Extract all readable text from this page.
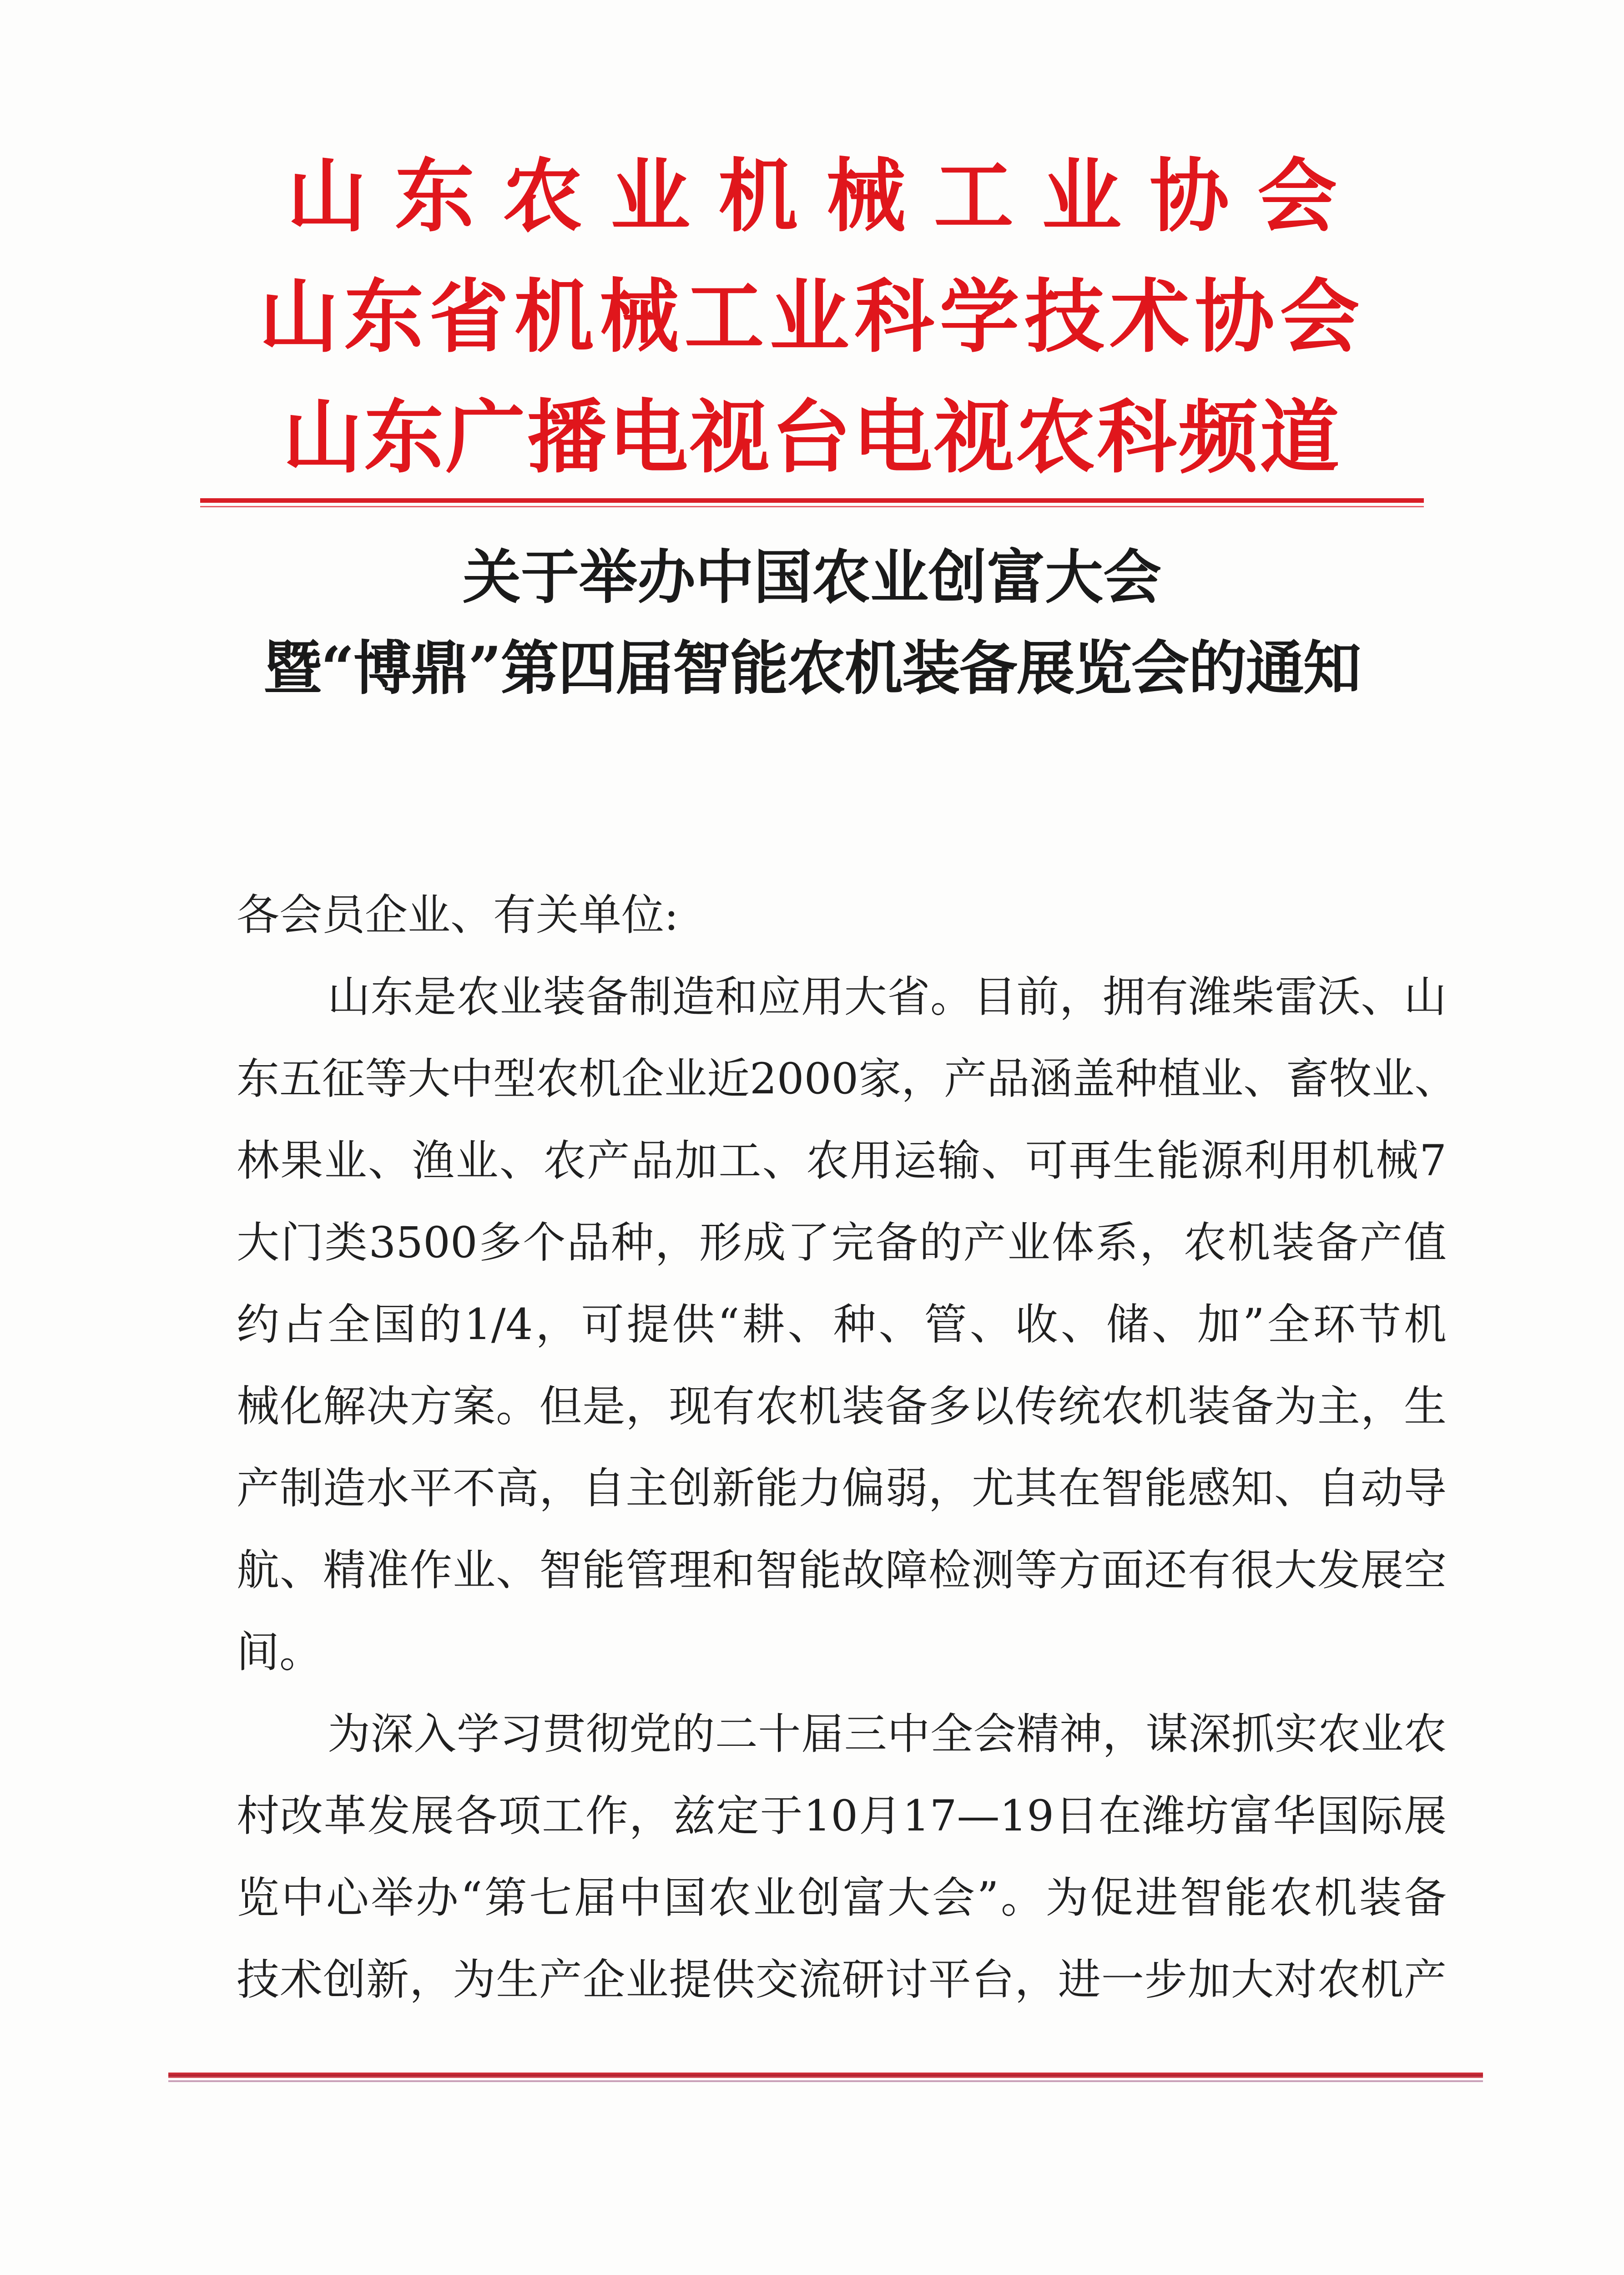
山东农业机械工业协会
山东省机械工业科学技术协会
山东广播电视台电视农科频道
关于举办中国农业创富大会
暨“博鼎”第四届智能农机装备展览会的通知
各会员企业、有关单位:
山东是农业装备制造和应用大省。目前，拥有潍柴雷沃、山
东五征等大中型农机企业近2000家，产品涵盖种植业、畜牧业、
林果业、渔业、农产品加工、农用运输、可再生能源利用机械7
大门类3500多个品种，形成了完备的产业体系，农机装备产值
约占全国的1/4，可提供“耕、种、管、收、储、加”全环节机
械化解决方案。但是，现有农机装备多以传统农机装备为主，生
产制造水平不高，自主创新能力偏弱，尤其在智能感知、自动导
航、精准作业、智能管理和智能故障检测等方面还有很大发展空
间。
为深入学习贯彻党的二十届三中全会精神，谋深抓实农业农
村改革发展各项工作，兹定于10月17—19日在潍坊富华国际展
览中心举办“第七届中国农业创富大会”。为促进智能农机装备
技术创新，为生产企业提供交流研讨平台，进一步加大对农机产
